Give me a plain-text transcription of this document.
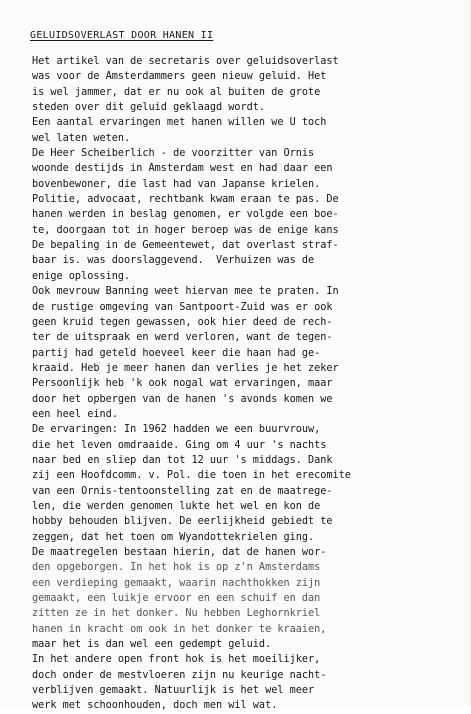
GELUIDSOVERLAST DOOR HANEN II
Het artikel van de secretaris over geluidsoverlast
was voor de Amsterdammers geen nieuw geluid. Het
is wel jammer, dat er nu ook al buiten de grote
steden over dit geluid geklaagd wordt.
Een aantal ervaringen met hanen willen we U toch
wel laten weten.
De Heer Scheiberlich - de voorzitter van Ornis
woonde destijds in Amsterdam west en had daar een
bovenbewoner, die last had van Japanse krielen.
Politie, advocaat, rechtbank kwam eraan te pas. De
hanen werden in beslag genomen, er volgde een boe-
te, doorgaan tot in hoger beroep was de enige kans
De bepaling in de Gemeentewet, dat overlast straf-
baar is. was doorslaggevend.  Verhuizen was de
enige oplossing.
Ook mevrouw Banning weet hiervan mee te praten. In
de rustige omgeving van Santpoort-Zuid was er ook
geen kruid tegen gewassen, ook hier deed de rech-
ter de uitspraak en werd verloren, want de tegen-
partij had geteld hoeveel keer die haan had ge-
kraaid. Heb je meer hanen dan verlies je het zeker
Persoonlijk heb 'k ook nogal wat ervaringen, maar
door het opbergen van de hanen 's avonds komen we
een heel eind.
De ervaringen: In 1962 hadden we een buurvrouw,
die het leven omdraaide. Ging om 4 uur 's nachts
naar bed en sliep dan tot 12 uur 's middags. Dank
zij een Hoofdcomm. v. Pol. die toen in het erecomite
van een Ornis-tentoonstelling zat en de maatrege-
len, die werden genomen lukte het wel en kon de
hobby behouden blijven. De eerlijkheid gebiedt te
zeggen, dat het toen om Wyandottekrielen ging.
De maatregelen bestaan hierin, dat de hanen wor-
den opgeborgen. In het hok is op z'n Amsterdams
een verdieping gemaakt, waarin nachthokken zijn
gemaakt, een luikje ervoor en een schuif en dan
zitten ze in het donker. Nu hebben Leghornkriel
hanen in kracht om ook in het donker te kraaien,
maar het is dan wel een gedempt geluid.
In het andere open front hok is het moeilijker,
doch onder de mestvloeren zijn nu keurige nacht-
verblijven gemaakt. Natuurlijk is het wel meer
werk met schoonhouden, doch men wil wat.
